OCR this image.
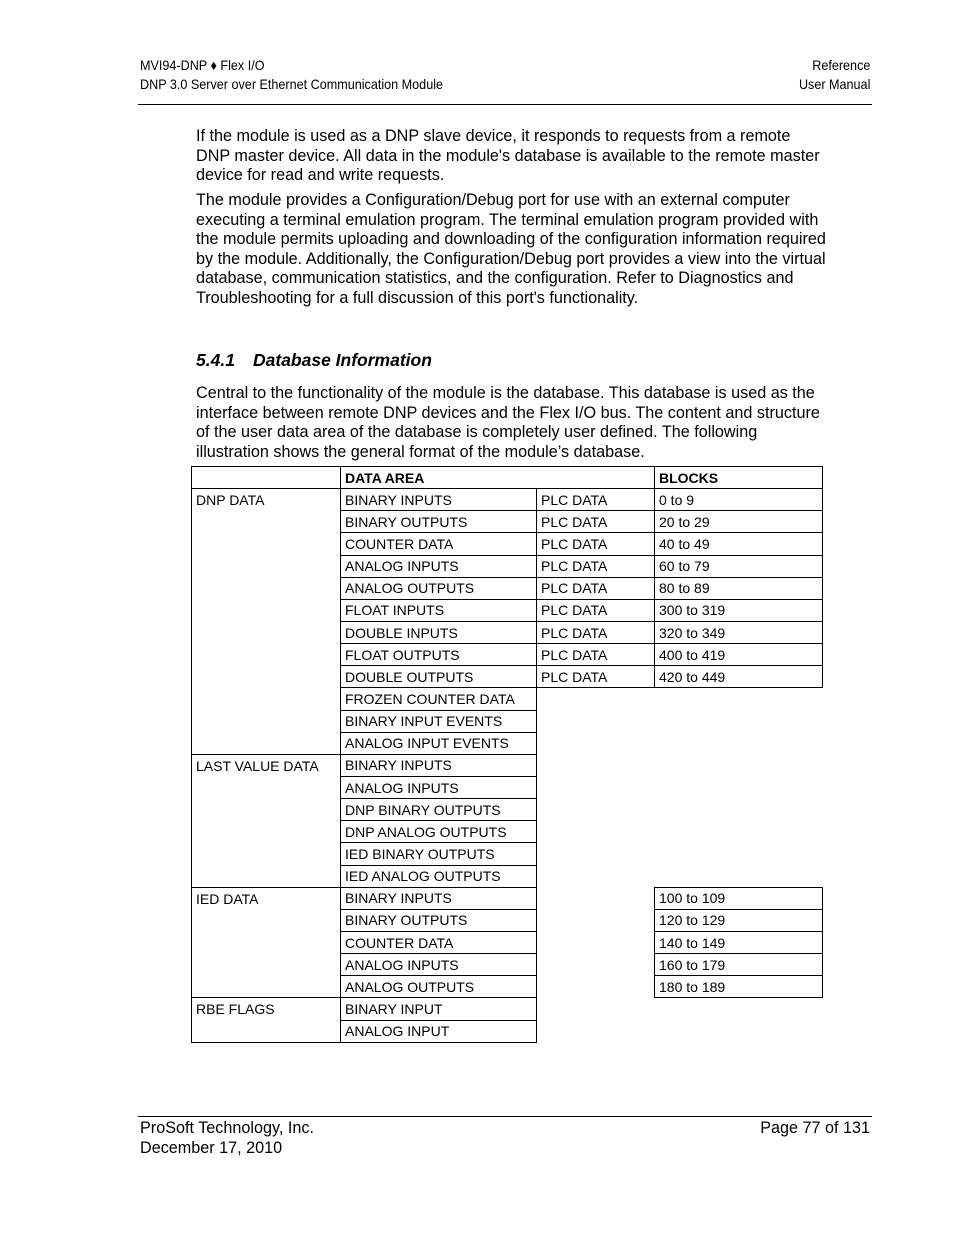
MVI94-DNP ♦ Flex I/O
DNP 3.0 Server over Ethernet Communication Module
Reference
User Manual

If the module is used as a DNP slave device, it responds to requests from a remote DNP master device. All data in the module's database is available to the remote master device for read and write requests.

The module provides a Configuration/Debug port for use with an external computer executing a terminal emulation program. The terminal emulation program provided with the module permits uploading and downloading of the configuration information required by the module. Additionally, the Configuration/Debug port provides a view into the virtual database, communication statistics, and the configuration. Refer to Diagnostics and Troubleshooting for a full discussion of this port's functionality.

5.4.1 Database Information

Central to the functionality of the module is the database. This database is used as the interface between remote DNP devices and the Flex I/O bus. The content and structure of the user data area of the database is completely user defined. The following illustration shows the general format of the module’s database.

	DATA AREA		BLOCKS
DNP DATA	BINARY INPUTS	PLC DATA	0 to 9
	BINARY OUTPUTS	PLC DATA	20 to 29
	COUNTER DATA	PLC DATA	40 to 49
	ANALOG INPUTS	PLC DATA	60 to 79
	ANALOG OUTPUTS	PLC DATA	80 to 89
	FLOAT INPUTS	PLC DATA	300 to 319
	DOUBLE INPUTS	PLC DATA	320 to 349
	FLOAT OUTPUTS	PLC DATA	400 to 419
	DOUBLE OUTPUTS	PLC DATA	420 to 449
	FROZEN COUNTER DATA		
	BINARY INPUT EVENTS		
	ANALOG INPUT EVENTS		
LAST VALUE DATA	BINARY INPUTS		
	ANALOG INPUTS		
	DNP BINARY OUTPUTS		
	DNP ANALOG OUTPUTS		
	IED BINARY OUTPUTS		
	IED ANALOG OUTPUTS		
IED DATA	BINARY INPUTS		100 to 109
	BINARY OUTPUTS		120 to 129
	COUNTER DATA		140 to 149
	ANALOG INPUTS		160 to 179
	ANALOG OUTPUTS		180 to 189
RBE FLAGS	BINARY INPUT		
	ANALOG INPUT		
ProSoft Technology, Inc.
December 17, 2010
Page 77 of 131
